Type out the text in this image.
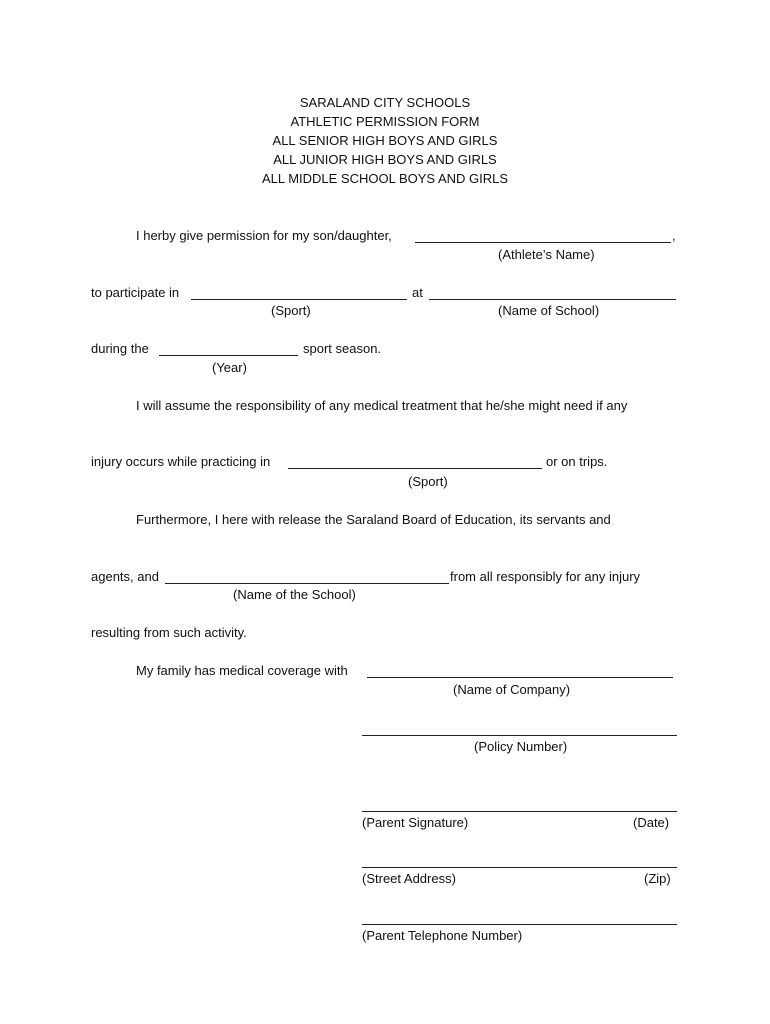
SARALAND CITY SCHOOLS
ATHLETIC PERMISSION FORM
ALL SENIOR HIGH BOYS AND GIRLS
ALL JUNIOR HIGH BOYS AND GIRLS
ALL MIDDLE SCHOOL BOYS AND GIRLS
I herby give permission for my son/daughter,	,
(Athlete’s Name)
to participate in	at
(Sport)	(Name of School)
during the	sport season.
(Year)
I will assume the responsibility of any medical treatment that he/she might need if any
injury occurs while practicing in	or on trips.
(Sport)
Furthermore, I here with release the Saraland Board of Education, its servants and
agents, and	from all responsibly for any injury
(Name of the School)
resulting from such activity.
My family has medical coverage with
(Name of Company)
(Policy Number)
(Parent Signature)	(Date)
(Street Address)	(Zip)
(Parent Telephone Number)
